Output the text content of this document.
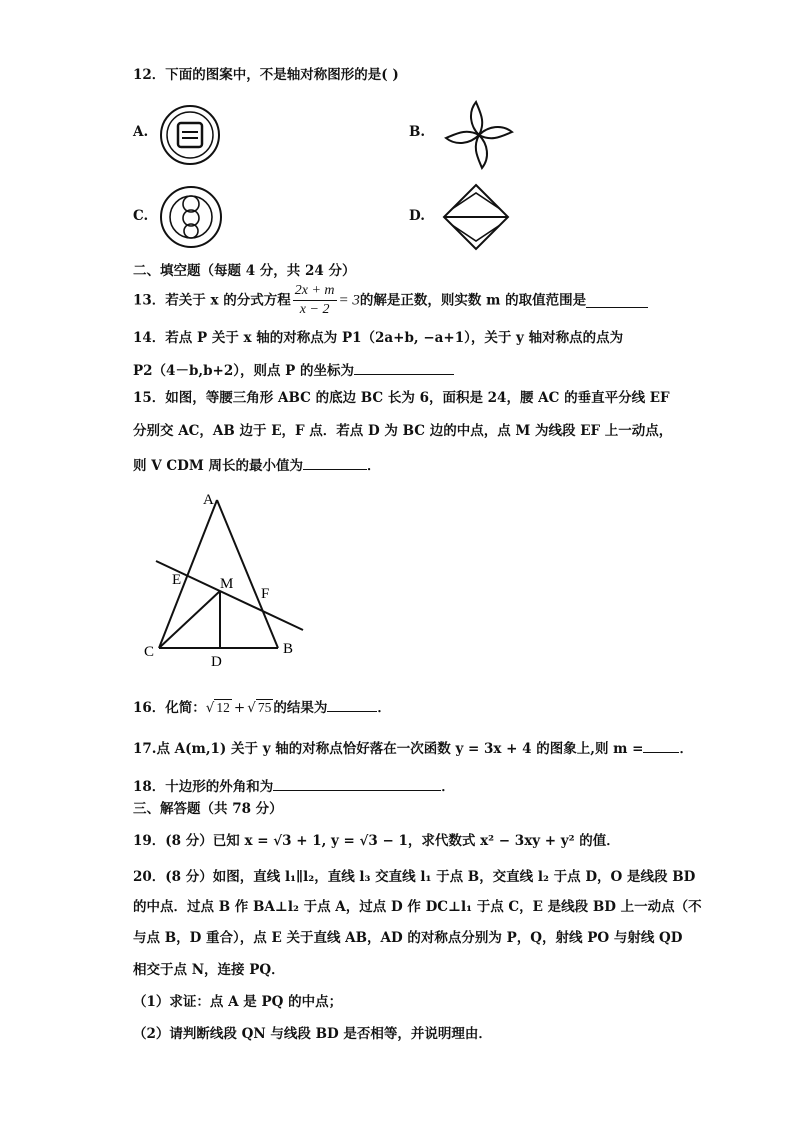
12．下面的图案中，不是轴对称图形的是( )
A.	B.
C.	D.
二、填空题（每题 4 分，共 24 分）
13．若关于 x 的分式方程 $\frac{2x + m}{x - 2} = 3$的解是正数，则实数 m 的取值范围是
14．若点 P 关于 x 轴的对称点为 P1（2a+b, −a+1），关于 y 轴对称点的点为
P2（4－b,b+2），则点 P 的坐标为
15．如图，等腰三角形 ABC 的底边 BC 长为 6，面积是 24，腰 AC 的垂直平分线 EF
分别交 AC，AB 边于 E，F 点．若点 D 为 BC 边的中点，点 M 为线段 EF 上一动点，
则 V CDM 周长的最小值为	．
A
E	M
F
C	B
D
16．化简：√ 12 + √ 75 的结果为	．
17.点 A(m,1) 关于 y 轴的对称点恰好落在一次函数 y = 3x + 4 的图象上,则 m =	．
18．十边形的外角和为	．
三、解答题（共 78 分）
19．(8 分）已知 x = √3 + 1, y = √3 − 1，求代数式 x² − 3xy + y² 的值．
20．(8 分）如图，直线 l₁∥l₂，直线 l₃ 交直线 l₁ 于点 B，交直线 l₂ 于点 D，O 是线段 BD
的中点．过点 B 作 BA⊥l₂ 于点 A，过点 D 作 DC⊥l₁ 于点 C，E 是线段 BD 上一动点（不
与点 B，D 重合），点 E 关于直线 AB，AD 的对称点分别为 P，Q，射线 PO 与射线 QD
相交于点 N，连接 PQ．
（1）求证：点 A 是 PQ 的中点；
（2）请判断线段 QN 与线段 BD 是否相等，并说明理由．
